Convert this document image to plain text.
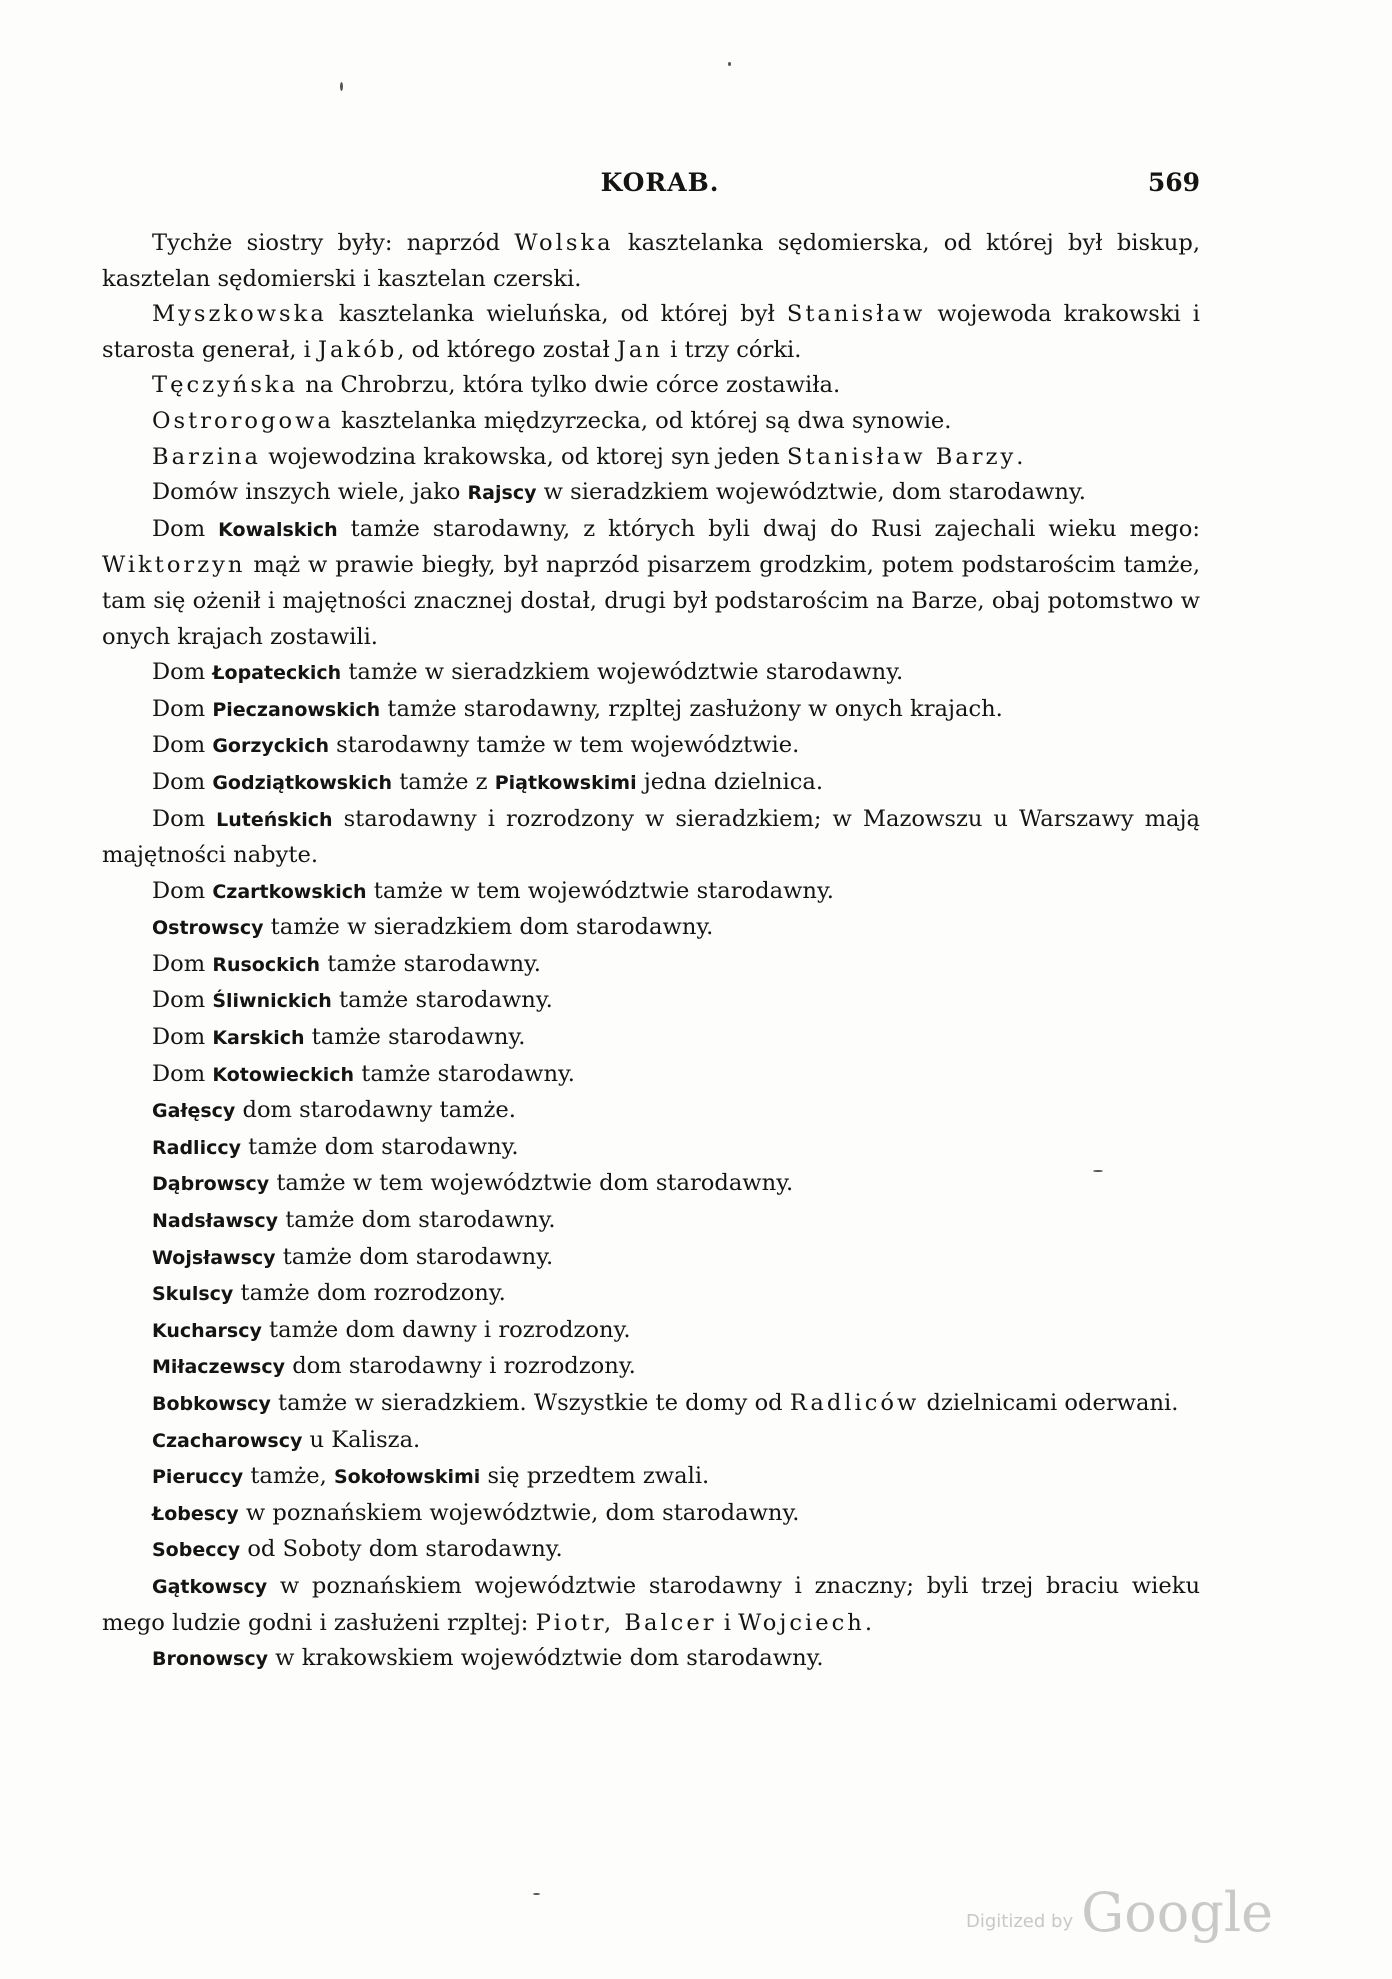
KORAB.	569

Tychże siostry były: naprzód Wolska kasztelanka sędomierska, od której był biskup, kasztelan sędomierski i kasztelan czerski.

Myszkowska kasztelanka wieluńska, od której był Stanisław wojewoda krakowski i starosta generał, i Jakób, od którego został Jan i trzy córki.

Tęczyńska na Chrobrzu, która tylko dwie córce zostawiła.

Ostrorogowa kasztelanka międzyrzecka, od której są dwa synowie.

Barzina wojewodzina krakowska, od ktorej syn jeden Stanisław Barzy.

Domów inszych wiele, jako Rajscy w sieradzkiem województwie, dom starodawny.

Dom Kowalskich tamże starodawny, z których byli dwaj do Rusi zajechali wieku mego: Wiktorzyn mąż w prawie biegły, był naprzód pisarzem grodzkim, potem podstarościm tamże, tam się ożenił i majętności znacznej dostał, drugi był podstarościm na Barze, obaj potomstwo w onych krajach zostawili.

Dom Łopateckich tamże w sieradzkiem województwie starodawny.

Dom Pieczanowskich tamże starodawny, rzpltej zasłużony w onych krajach.

Dom Gorzyckich starodawny tamże w tem województwie.

Dom Godziątkowskich tamże z Piątkowskimi jedna dzielnica.

Dom Luteńskich starodawny i rozrodzony w sieradzkiem; w Mazowszu u Warszawy mają majętności nabyte.

Dom Czartkowskich tamże w tem województwie starodawny.

Ostrowscy tamże w sieradzkiem dom starodawny.

Dom Rusockich tamże starodawny.

Dom Śliwnickich tamże starodawny.

Dom Karskich tamże starodawny.

Dom Kotowieckich tamże starodawny.

Gałęscy dom starodawny tamże.

Radliccy tamże dom starodawny.

Dąbrowscy tamże w tem województwie dom starodawny.

Nadsławscy tamże dom starodawny.

Wojsławscy tamże dom starodawny.

Skulscy tamże dom rozrodzony.

Kucharscy tamże dom dawny i rozrodzony.

Miłaczewscy dom starodawny i rozrodzony.

Bobkowscy tamże w sieradzkiem. Wszystkie te domy od Radliców dzielnicami oderwani.

Czacharowscy u Kalisza.

Pieruccy tamże, Sokołowskimi się przedtem zwali.

Łobescy w poznańskiem województwie, dom starodawny.

Sobeccy od Soboty dom starodawny.

Gątkowscy w poznańskiem województwie starodawny i znaczny; byli trzej braciu wieku mego ludzie godni i zasłużeni rzpltej: Piotr, Balcer i Wojciech.

Bronowscy w krakowskiem województwie dom starodawny.

Digitized by Google
